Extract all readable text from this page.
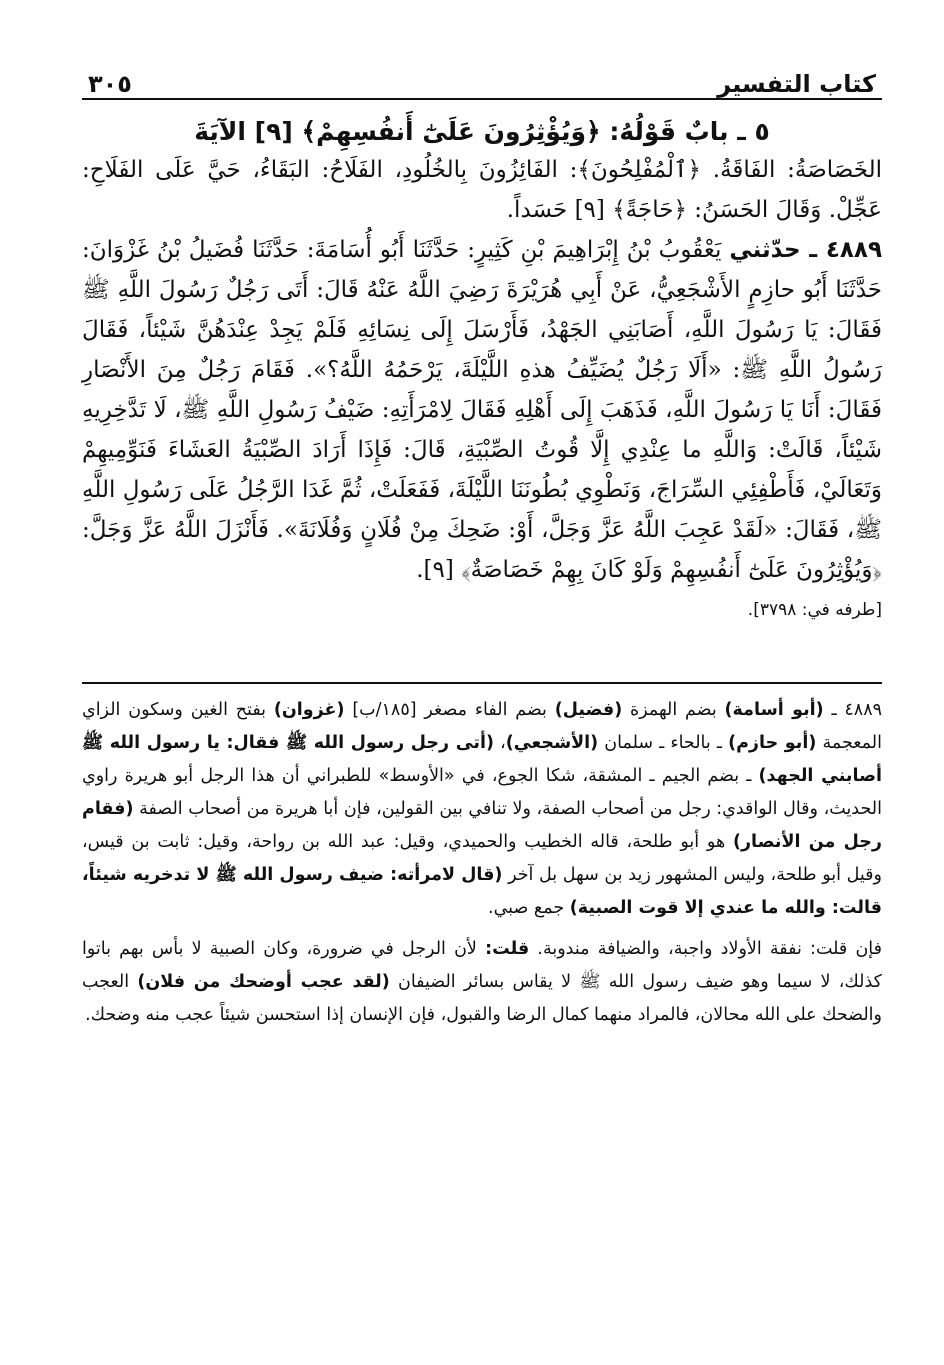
٣٠٥	كتاب التفسير
٥ ـ بابٌ قَوْلُهُ: ﴿وَيُؤْثِرُونَ عَلَىٰٓ أَنفُسِهِمْ﴾ [٩] الآيَةَ

الخَصَاصَةُ: الفَاقَةُ. ﴿ٱلْمُفْلِحُونَ﴾: الفَائِزُونَ بِالخُلُودِ، الفَلَاحُ: البَقَاءُ، حَيَّ عَلَى الفَلَاحِ: عَجِّلْ. وَقَالَ الحَسَنُ: ﴿حَاجَةً﴾ [٩] حَسَداً.

٤٨٨٩ ـ حدّثني يَعْقُوبُ بْنُ إِبْرَاهِيمَ بْنِ كَثِيرٍ: حَدَّثَنَا أَبُو أُسَامَةَ: حَدَّثَنَا فُضَيلُ بْنُ غَزْوَانَ: حَدَّثَنَا أَبُو حازِمٍ الأَشْجَعِيُّ، عَنْ أَبِي هُرَيْرَةَ رَضِيَ اللَّهُ عَنْهُ قَالَ: أَتَى رَجُلٌ رَسُولَ اللَّهِ ﷺ فَقَالَ: يَا رَسُولَ اللَّهِ، أَصَابَنِي الجَهْدُ، فَأَرْسَلَ إِلَى نِسَائِهِ فَلَمْ يَجِدْ عِنْدَهُنَّ شَيْئاً، فَقَالَ رَسُولُ اللَّهِ ﷺ: «أَلَا رَجُلٌ يُضَيِّفُ هذهِ اللَّيْلَةَ، يَرْحَمُهُ اللَّهُ؟». فَقَامَ رَجُلٌ مِنَ الأَنْصَارِ فَقَالَ: أَنَا يَا رَسُولَ اللَّهِ، فَذَهَبَ إِلَى أَهْلِهِ فَقَالَ لِامْرَأَتِهِ: ضَيْفُ رَسُولِ اللَّهِ ﷺ، لَا تَدَّخِرِيهِ شَيْئاً، قَالَتْ: وَاللَّهِ ما عِنْدِي إِلَّا قُوتُ الصِّبْيَةِ، قَالَ: فَإِذَا أَرَادَ الصِّبْيَةُ العَشَاءَ فَنَوِّمِيهِمْ وَتَعَالَيْ، فَأَطْفِئِي السِّرَاجَ، وَنَطْوِي بُطُونَنَا اللَّيْلَةَ، فَفَعَلَتْ، ثُمَّ غَدَا الرَّجُلُ عَلَى رَسُولِ اللَّهِ ﷺ، فَقَالَ: «لَقَدْ عَجِبَ اللَّهُ عَزَّ وَجَلَّ، أَوْ: ضَحِكَ مِنْ فُلَانٍ وَفُلَانَةَ». فَأَنْزَلَ اللَّهُ عَزَّ وَجَلَّ: ﴿وَيُؤْثِرُونَ عَلَىٰٓ أَنفُسِهِمْ وَلَوْ كَانَ بِهِمْ خَصَاصَةٌ﴾ [٩].

[طرفه في: ٣٧٩٨].

٤٨٨٩ ـ (أبو أسامة) بضم الهمزة (فضيل) بضم الفاء مصغر [١٨٥/ب] (غزوان) بفتح الغين وسكون الزاي المعجمة (أبو حازم) ـ بالحاء ـ سلمان (الأشجعي)، (أتى رجل رسول الله ﷺ فقال: يا رسول الله ﷺ أصابني الجهد) ـ بضم الجيم ـ المشقة، شكا الجوع، في «الأوسط» للطبراني أن هذا الرجل أبو هريرة راوي الحديث، وقال الواقدي: رجل من أصحاب الصفة، ولا تنافي بين القولين، فإن أبا هريرة من أصحاب الصفة (فقام رجل من الأنصار) هو أبو طلحة، قاله الخطيب والحميدي، وقيل: عبد الله بن رواحة، وقيل: ثابت بن قيس، وقيل أبو طلحة، وليس المشهور زيد بن سهل بل آخر (قال لامرأته: ضيف رسول الله ﷺ لا تدخريه شيئاً، قالت: والله ما عندي إلا قوت الصبية) جمع صبي.

فإن قلت: نفقة الأولاد واجبة، والضيافة مندوبة. قلت: لأن الرجل في ضرورة، وكان الصبية لا بأس بهم باتوا كذلك، لا سيما وهو ضيف رسول الله ﷺ لا يقاس بسائر الضيفان (لقد عجب أوضحك من فلان) العجب والضحك على الله محالان، فالمراد منهما كمال الرضا والقبول، فإن الإنسان إذا استحسن شيئاً عجب منه وضحك.
